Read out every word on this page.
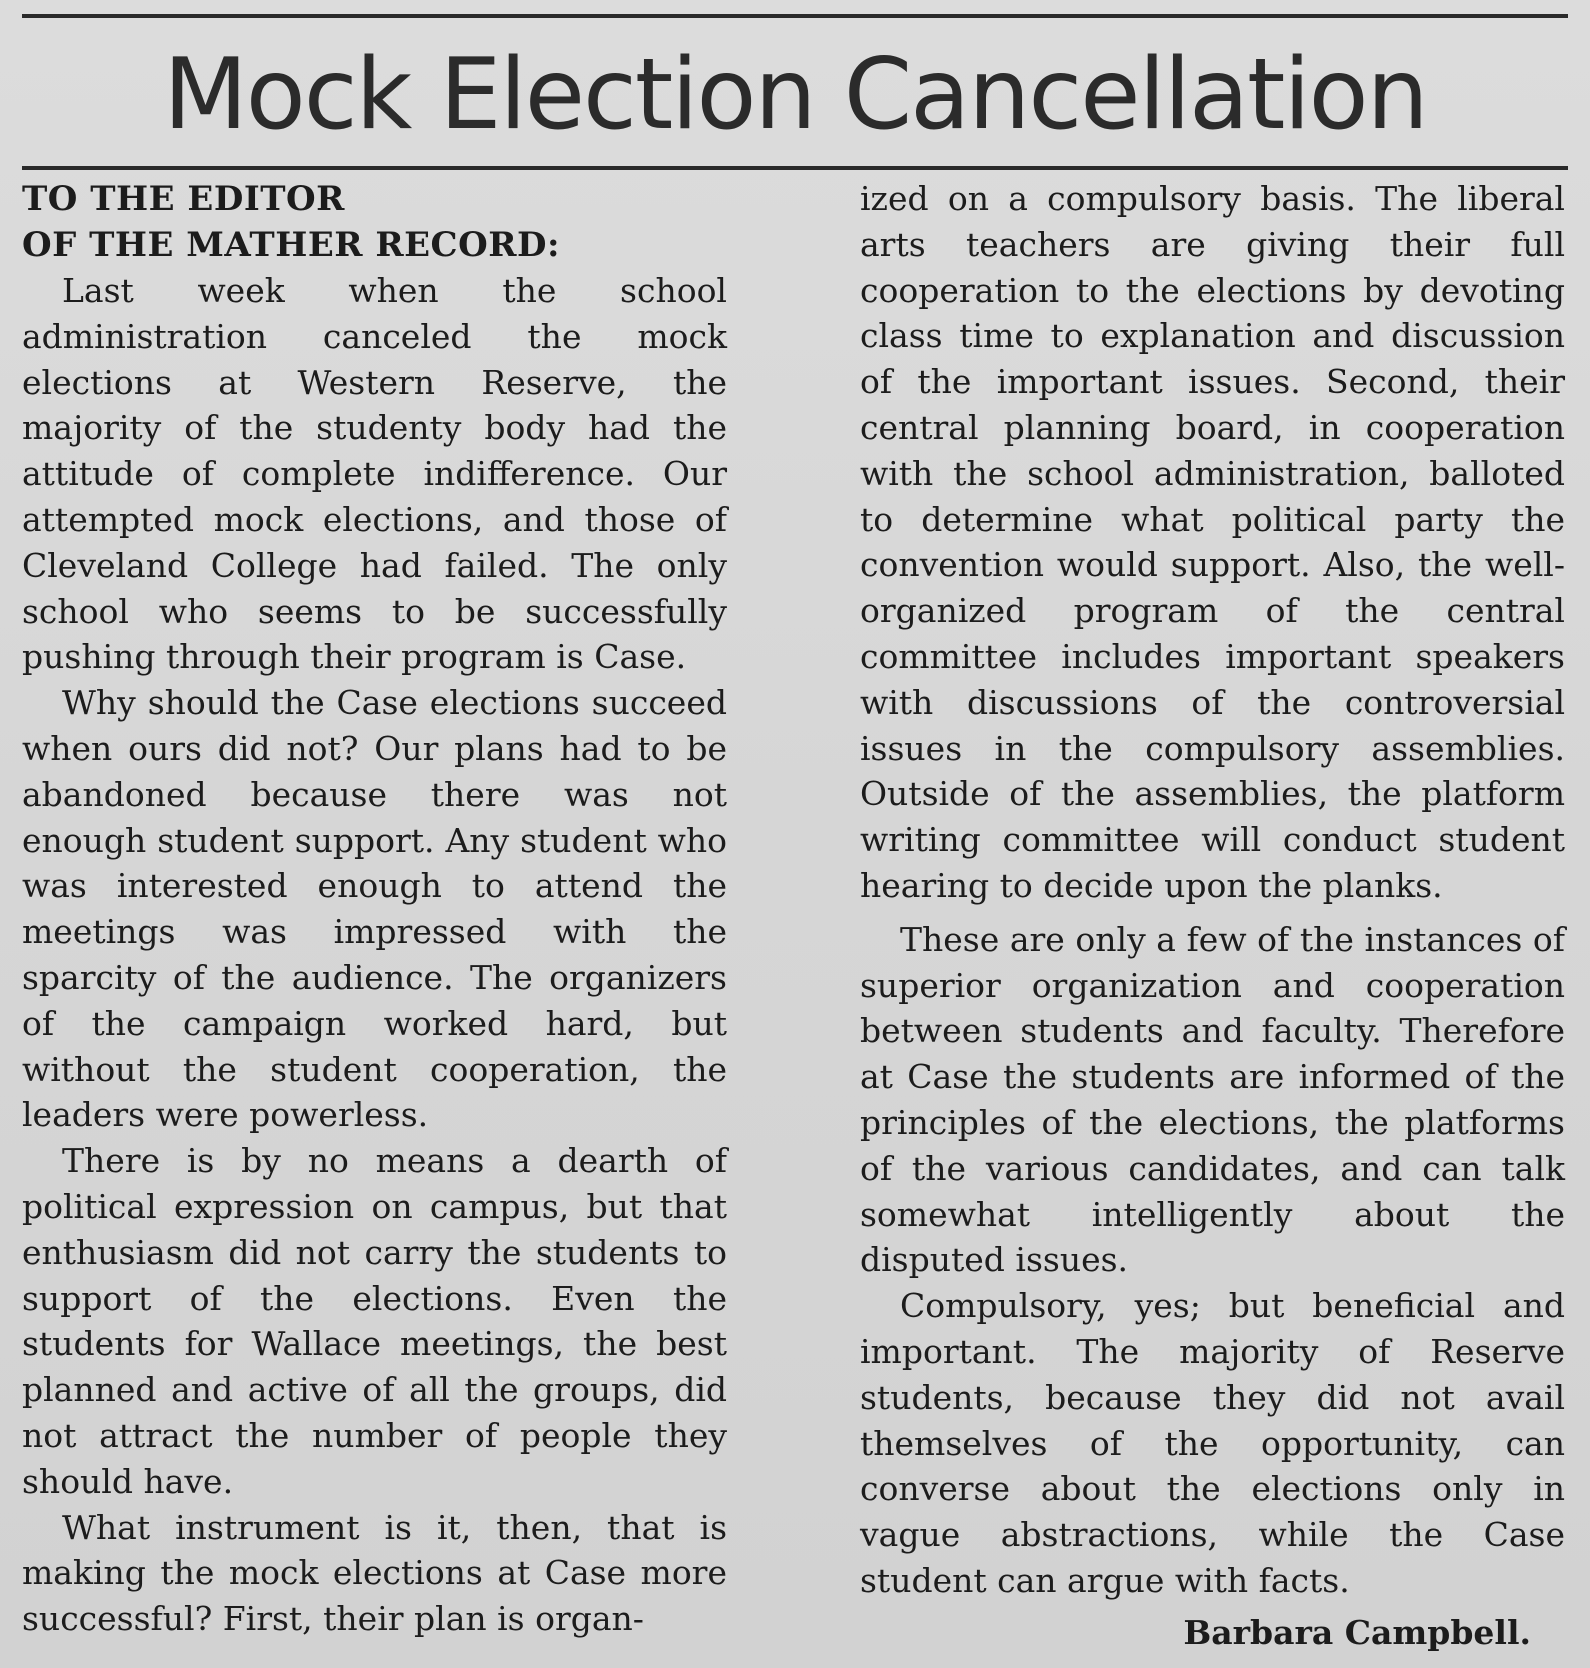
Mock Election Cancellation
TO THE EDITOR
OF THE MATHER RECORD:

Last week when the school administration canceled the mock elections at Western Reserve, the majority of the studenty body had the attitude of complete indifference. Our attempted mock elections, and those of Cleveland College had failed. The only school who seems to be successfully pushing through their program is Case.

Why should the Case elections succeed when ours did not? Our plans had to be abandoned because there was not enough student support. Any student who was interested enough to attend the meetings was impressed with the sparcity of the audience. The organizers of the campaign worked hard, but without the student cooperation, the leaders were powerless.

There is by no means a dearth of political expression on campus, but that enthusiasm did not carry the students to support of the elections. Even the students for Wallace meetings, the best planned and active of all the groups, did not attract the number of people they should have.

What instrument is it, then, that is making the mock elections at Case more successful? First, their plan is organ-

ized on a compulsory basis. The liberal arts teachers are giving their full cooperation to the elections by devoting class time to explanation and discussion of the important issues. Second, their central planning board, in cooperation with the school administration, balloted to determine what political party the convention would support. Also, the well-organized program of the central committee includes important speakers with discussions of the controversial issues in the compulsory assemblies. Outside of the assemblies, the platform writing committee will conduct student hearing to decide upon the planks.

These are only a few of the instances of superior organization and cooperation between students and faculty. Therefore at Case the students are informed of the principles of the elections, the platforms of the various candidates, and can talk somewhat intelligently about the disputed issues.

Compulsory, yes; but beneficial and important. The majority of Reserve students, because they did not avail themselves of the opportunity, can converse about the elections only in vague abstractions, while the Case student can argue with facts.

Barbara Campbell.
